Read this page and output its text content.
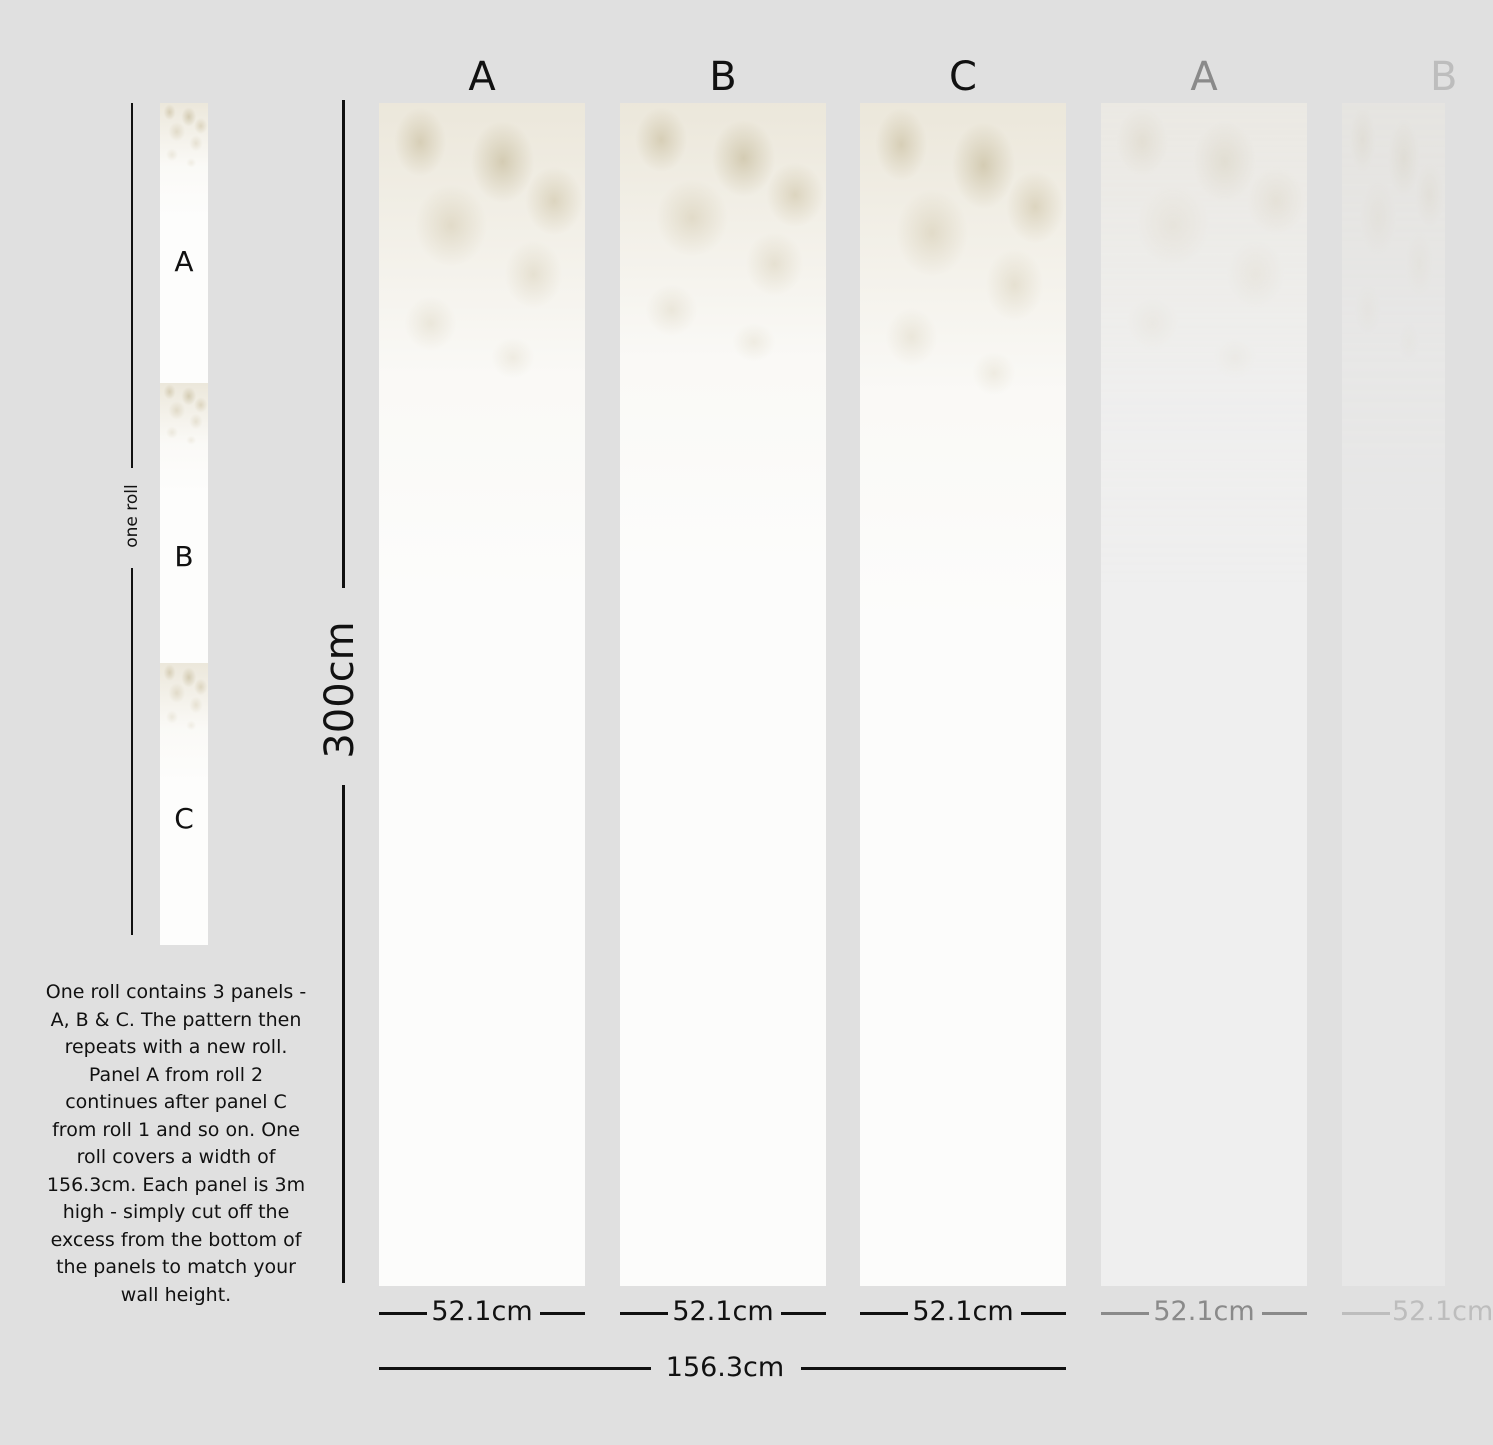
one roll
A
B
C
One roll contains 3 panels - A, B & C. The pattern then repeats with a new roll. Panel A from roll 2 continues after panel C from roll 1 and so on. One roll covers a width of 156.3cm. Each panel is 3m high - simply cut off the excess from the bottom of the panels to match your wall height.
300cm
A	B	C	A	B
52.1cm	52.1cm	52.1cm	52.1cm	52.1cm
156.3cm
